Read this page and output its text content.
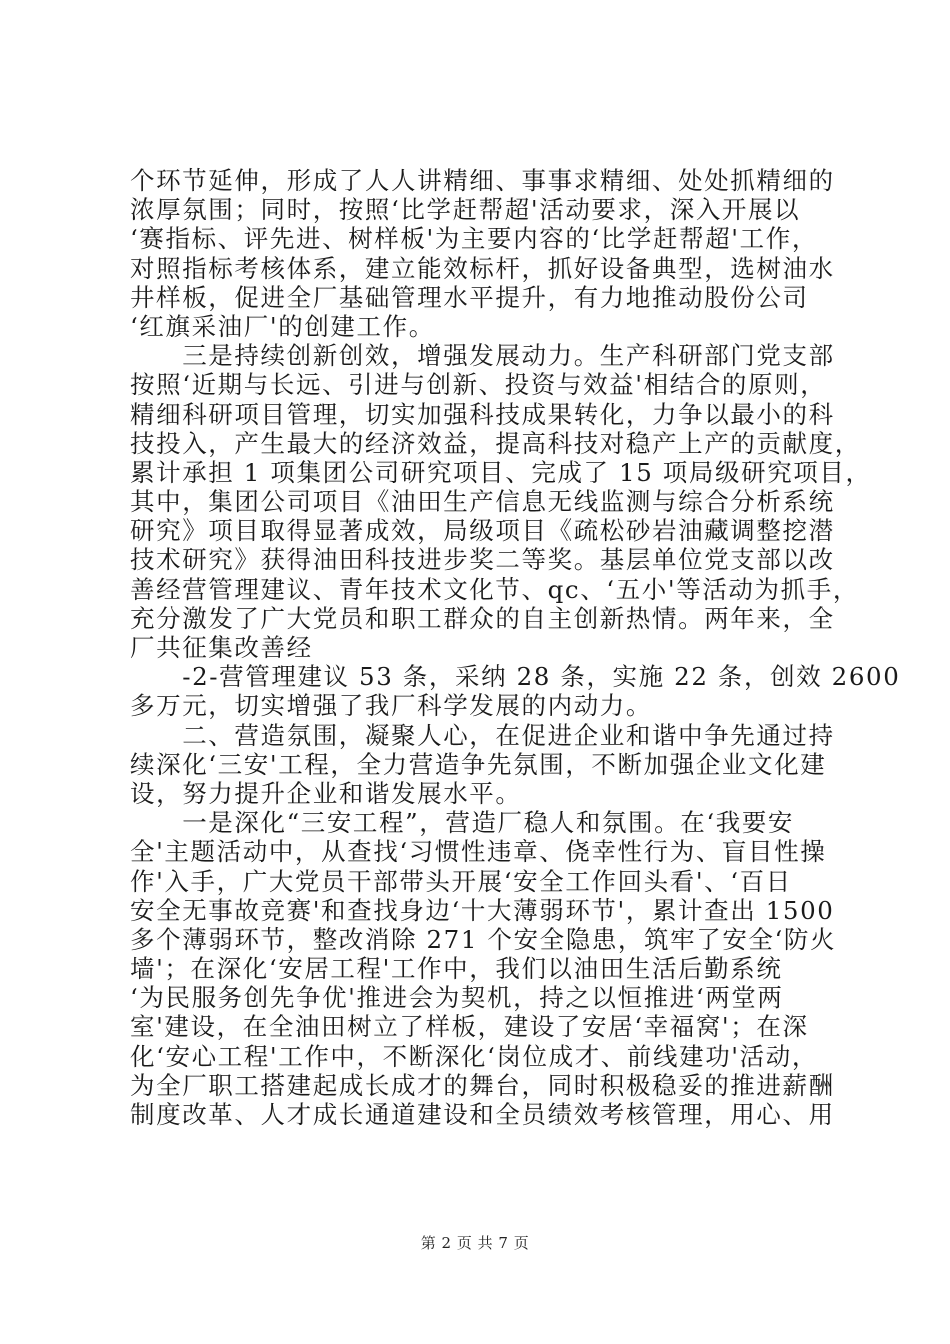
个环节延伸，形成了人人讲精细、事事求精细、处处抓精细的
浓厚氛围；同时，按照‘比学赶帮超'活动要求，深入开展以
‘赛指标、评先进、树样板'为主要内容的‘比学赶帮超'工作，
对照指标考核体系，建立能效标杆，抓好设备典型，选树油水
井样板，促进全厂基础管理水平提升，有力地推动股份公司
‘红旗采油厂'的创建工作。
　　三是持续创新创效，增强发展动力。生产科研部门党支部
按照‘近期与长远、引进与创新、投资与效益'相结合的原则，
精细科研项目管理，切实加强科技成果转化，力争以最小的科
技投入，产生最大的经济效益，提高科技对稳产上产的贡献度，
累计承担 1 项集团公司研究项目、完成了 15 项局级研究项目，
其中，集团公司项目《油田生产信息无线监测与综合分析系统
研究》项目取得显著成效，局级项目《疏松砂岩油藏调整挖潜
技术研究》获得油田科技进步奖二等奖。基层单位党支部以改
善经营管理建议、青年技术文化节、qc、‘五小'等活动为抓手，
充分激发了广大党员和职工群众的自主创新热情。两年来，全
厂共征集改善经
　　-2-营管理建议 53 条，采纳 28 条，实施 22 条，创效 2600
多万元，切实增强了我厂科学发展的内动力。
　　二、营造氛围，凝聚人心，在促进企业和谐中争先通过持
续深化‘三安'工程，全力营造争先氛围，不断加强企业文化建
设，努力提升企业和谐发展水平。
　　一是深化“三安工程”，营造厂稳人和氛围。在‘我要安
全'主题活动中，从查找‘习惯性违章、侥幸性行为、盲目性操
作'入手，广大党员干部带头开展‘安全工作回头看'、‘百日
安全无事故竞赛'和查找身边‘十大薄弱环节'，累计查出 1500
多个薄弱环节，整改消除 271 个安全隐患，筑牢了安全‘防火
墙'；在深化‘安居工程'工作中，我们以油田生活后勤系统
‘为民服务创先争优'推进会为契机，持之以恒推进‘两堂两
室'建设，在全油田树立了样板，建设了安居‘幸福窝'；在深
化‘安心工程'工作中，不断深化‘岗位成才、前线建功'活动，
为全厂职工搭建起成长成才的舞台，同时积极稳妥的推进薪酬
制度改革、人才成长通道建设和全员绩效考核管理，用心、用
第 2 页 共 7 页
